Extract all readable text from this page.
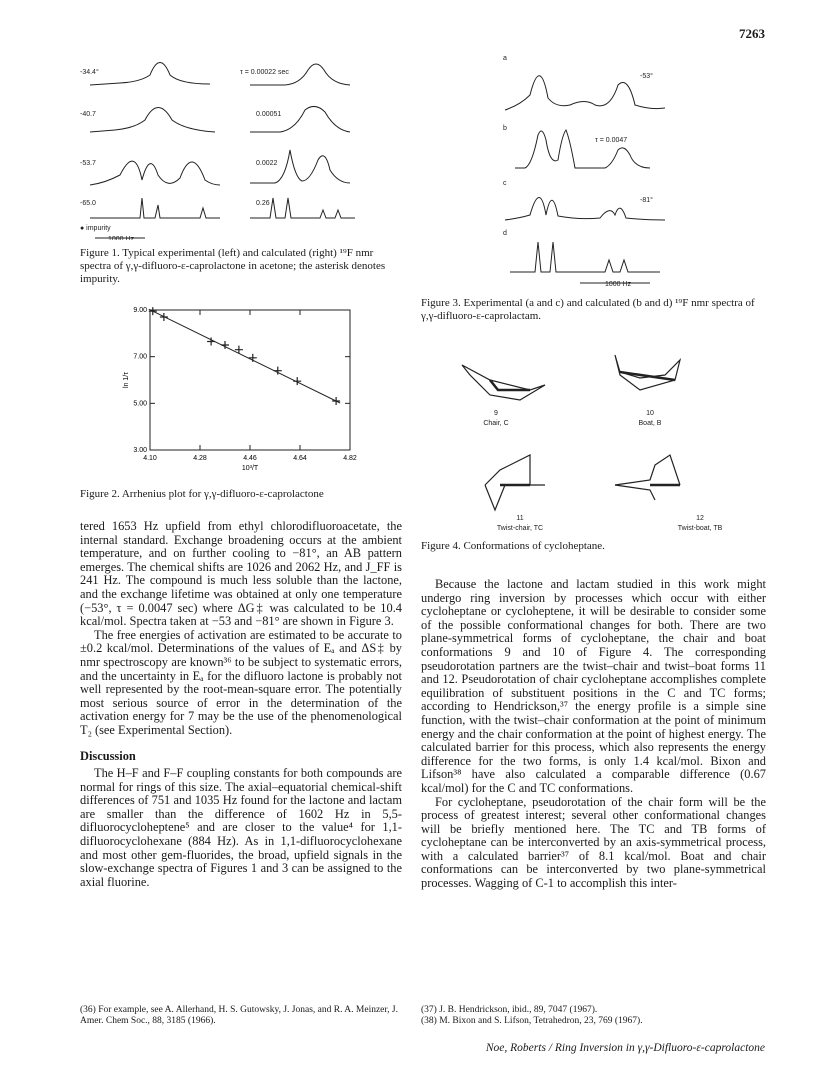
7263
-34.4°
-40.7
-53.7
-65.0
τ = 0.00022 sec
0.00051
0.0022
0.26
● impurity
1000 Hz
Figure 1. Typical experimental (left) and calculated (right) ¹⁹F nmr spectra of γ,γ-difluoro-ε-caprolactone in acetone; the asterisk denotes impurity.
4.10	4.28	4.46	4.64	4.82
3.00
5.00
7.00
9.00
10³/T
ln 1/τ
Figure 2. Arrhenius plot for γ,γ-difluoro-ε-caprolactone
a
b
c
d
-53°
τ = 0.0047
-81°
1000 Hz
Figure 3. Experimental (a and c) and calculated (b and d) ¹⁹F nmr spectra of γ,γ-difluoro-ε-caprolactam.
9
Chair, C
10
Boat, B
11
Twist-chair, TC
12
Twist-boat, TB
Figure 4. Conformations of cycloheptane.

tered 1653 Hz upfield from ethyl chlorodifluoroacetate, the internal standard. Exchange broadening occurs at the ambient temperature, and on further cooling to −81°, an AB pattern emerges. The chemical shifts are 1026 and 2062 Hz, and J_FF is 241 Hz. The compound is much less soluble than the lactone, and the exchange lifetime was obtained at only one temperature (−53°, τ = 0.0047 sec) where ΔG‡ was calculated to be 10.4 kcal/mol. Spectra taken at −53 and −81° are shown in Figure 3.

The free energies of activation are estimated to be accurate to ±0.2 kcal/mol. Determinations of the values of Eₐ and ΔS‡ by nmr spectroscopy are known³⁶ to be subject to systematic errors, and the uncertainty in Eₐ for the difluoro lactone is probably not well represented by the root-mean-square error. The potentially most serious source of error in the determination of the activation energy for 7 may be the use of the phenomenological T₂ (see Experimental Section).

Discussion

The H–F and F–F coupling constants for both compounds are normal for rings of this size. The axial–equatorial chemical-shift differences of 751 and 1035 Hz found for the lactone and lactam are smaller than the difference of 1602 Hz in 5,5-difluorocycloheptene⁵ and are closer to the value⁴ for 1,1-difluorocyclohexane (884 Hz). As in 1,1-difluorocyclohexane and most other gem-fluorides, the broad, upfield signals in the slow-exchange spectra of Figures 1 and 3 can be assigned to the axial fluorine.

Because the lactone and lactam studied in this work might undergo ring inversion by processes which occur with either cycloheptane or cycloheptene, it will be desirable to consider some of the possible conformational changes for both. There are two plane-symmetrical forms of cycloheptane, the chair and boat conformations 9 and 10 of Figure 4. The corresponding pseudorotation partners are the twist–chair and twist–boat forms 11 and 12. Pseudorotation of chair cycloheptane accomplishes complete equilibration of substituent positions in the C and TC forms; according to Hendrickson,³⁷ the energy profile is a simple sine function, with the twist–chair conformation at the point of minimum energy and the chair conformation at the point of highest energy. The calculated barrier for this process, which also represents the energy difference for the two forms, is only 1.4 kcal/mol. Bixon and Lifson³⁸ have also calculated a comparable difference (0.67 kcal/mol) for the C and TC conformations.

For cycloheptane, pseudorotation of the chair form will be the process of greatest interest; several other conformational changes will be briefly mentioned here. The TC and TB forms of cycloheptane can be interconverted by an axis-symmetrical process, with a calculated barrier³⁷ of 8.1 kcal/mol. Boat and chair conformations can be interconverted by two plane-symmetrical processes. Wagging of C-1 to accomplish this inter-

(36) For example, see A. Allerhand, H. S. Gutowsky, J. Jonas, and R. A. Meinzer, J. Amer. Chem Soc., 88, 3185 (1966).

(37) J. B. Hendrickson, ibid., 89, 7047 (1967).

(38) M. Bixon and S. Lifson, Tetrahedron, 23, 769 (1967).

Noe, Roberts / Ring Inversion in γ,γ-Difluoro-ε-caprolactone
